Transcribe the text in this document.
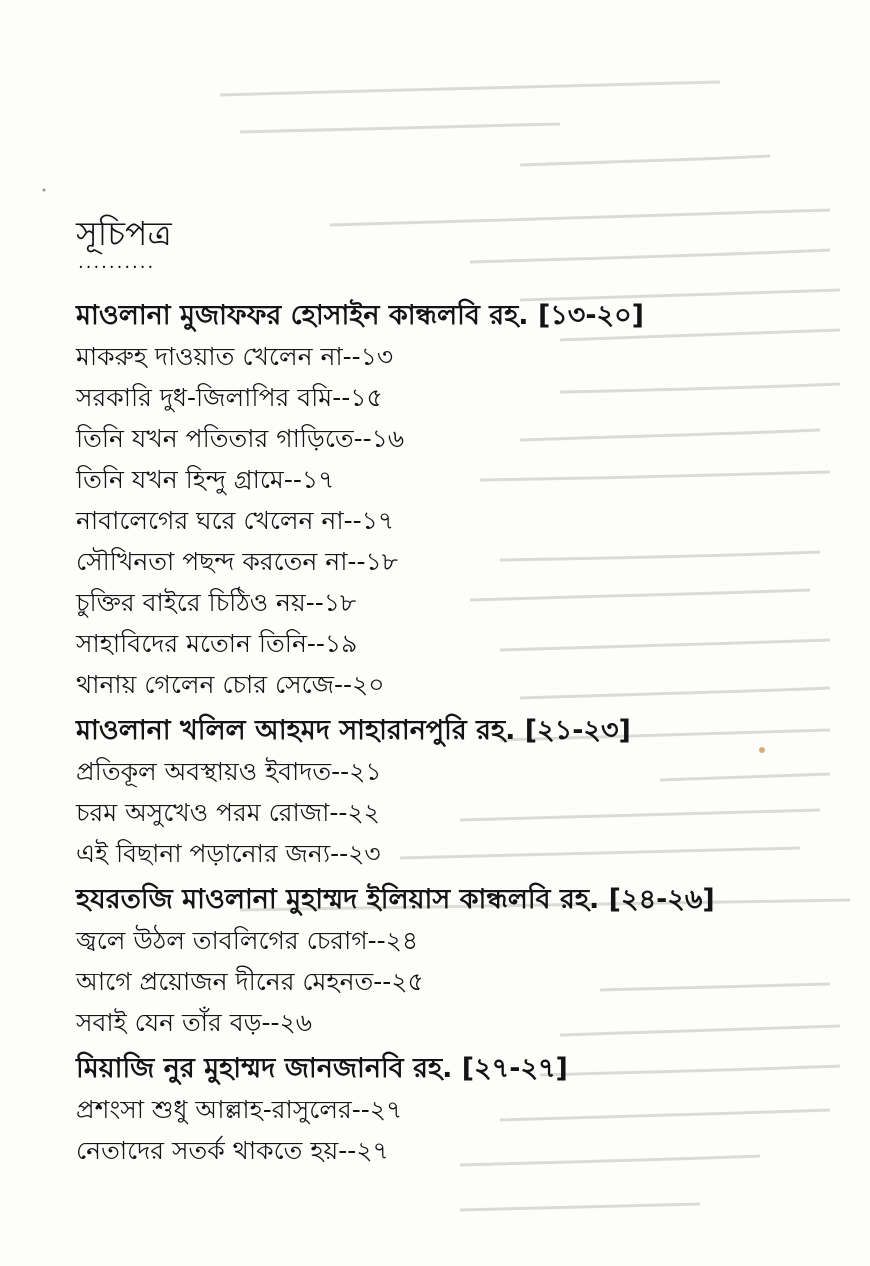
সূচিপত্র
..........
মাওলানা মুজাফফর হোসাইন কান্ধলবি রহ. [১৩-২০]
মাকরুহ দাওয়াত খেলেন না--১৩
সরকারি দুধ-জিলাপির বমি--১৫
তিনি যখন পতিতার গাড়িতে--১৬
তিনি যখন হিন্দু গ্রামে--১৭
নাবালেগের ঘরে খেলেন না--১৭
সৌখিনতা পছন্দ করতেন না--১৮
চুক্তির বাইরে চিঠিও নয়--১৮
সাহাবিদের মতোন তিনি--১৯
থানায় গেলেন চোর সেজে--২০
মাওলানা খলিল আহমদ সাহারানপুরি রহ. [২১-২৩]
প্রতিকূল অবস্থায়ও ইবাদত--২১
চরম অসুখেও পরম রোজা--২২
এই বিছানা পড়ানোর জন্য--২৩
হযরতজি মাওলানা মুহাম্মদ ইলিয়াস কান্ধলবি রহ. [২৪-২৬]
জ্বলে উঠল তাবলিগের চেরাগ--২৪
আগে প্রয়োজন দীনের মেহনত--২৫
সবাই যেন তাঁর বড়--২৬
মিয়াজি নুর মুহাম্মদ জানজানবি রহ. [২৭-২৭]
প্রশংসা শুধু আল্লাহ-রাসুলের--২৭
নেতাদের সতর্ক থাকতে হয়--২৭
